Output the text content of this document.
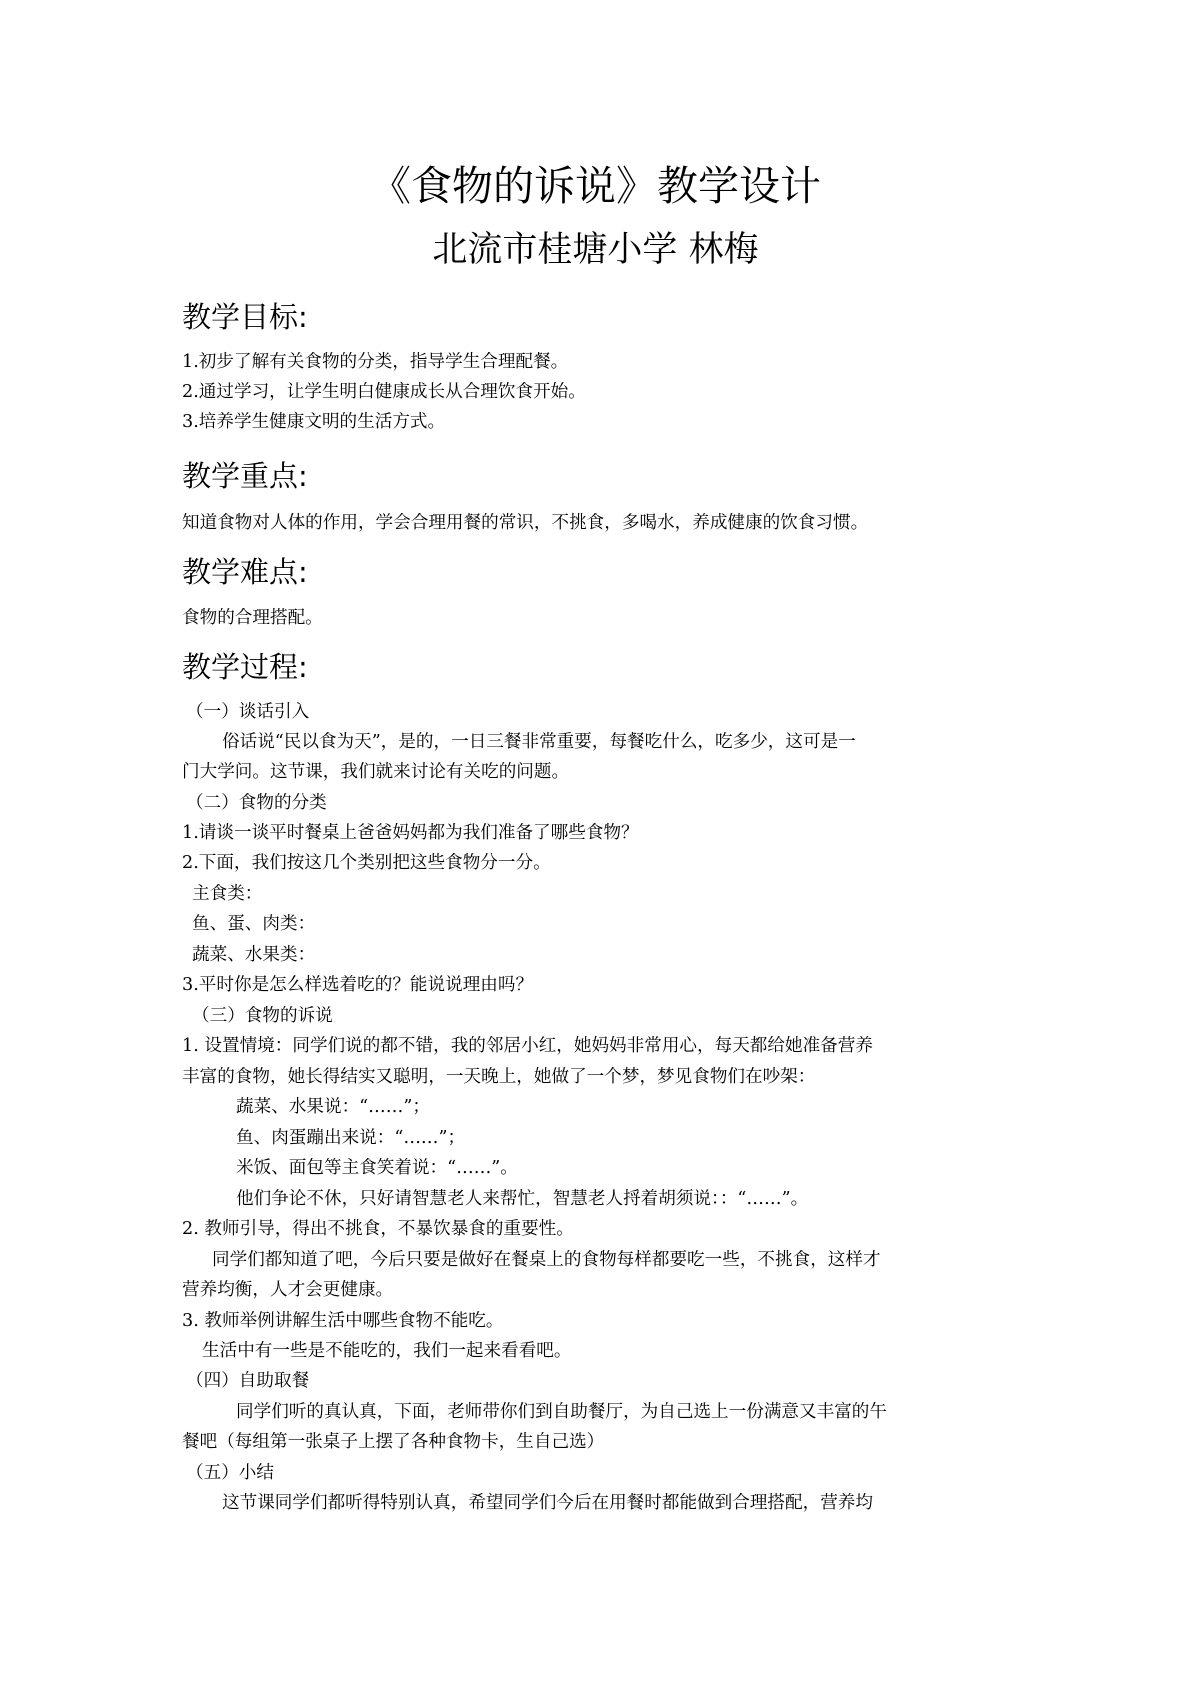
《食物的诉说》教学设计
北流市桂塘小学 林梅
教学目标:
1.初步了解有关食物的分类，指导学生合理配餐。
2.通过学习，让学生明白健康成长从合理饮食开始。
3.培养学生健康文明的生活方式。
教学重点:
知道食物对人体的作用，学会合理用餐的常识，不挑食，多喝水，养成健康的饮食习惯。
教学难点:
食物的合理搭配。
教学过程:
（一）谈话引入
俗话说“民以食为天”，是的，一日三餐非常重要，每餐吃什么，吃多少，这可是一
门大学问。这节课，我们就来讨论有关吃的问题。
（二）食物的分类
1.请谈一谈平时餐桌上爸爸妈妈都为我们准备了哪些食物？
2.下面，我们按这几个类别把这些食物分一分。
主食类：
鱼、蛋、肉类：
蔬菜、水果类：
3.平时你是怎么样选着吃的？能说说理由吗？
（三）食物的诉说
1. 设置情境：同学们说的都不错，我的邻居小红，她妈妈非常用心，每天都给她准备营养
丰富的食物，她长得结实又聪明，一天晚上，她做了一个梦，梦见食物们在吵架：
蔬菜、水果说：“……”；
鱼、肉蛋蹦出来说：“……”；
米饭、面包等主食笑着说：“……”。
他们争论不休，只好请智慧老人来帮忙，智慧老人捋着胡须说：：“……”。
2. 教师引导，得出不挑食，不暴饮暴食的重要性。
同学们都知道了吧，今后只要是做好在餐桌上的食物每样都要吃一些，不挑食，这样才
营养均衡，人才会更健康。
3. 教师举例讲解生活中哪些食物不能吃。
生活中有一些是不能吃的，我们一起来看看吧。
（四）自助取餐
同学们听的真认真，下面，老师带你们到自助餐厅，为自己选上一份满意又丰富的午
餐吧（每组第一张桌子上摆了各种食物卡，生自己选）
（五）小结
这节课同学们都听得特别认真，希望同学们今后在用餐时都能做到合理搭配，营养均
